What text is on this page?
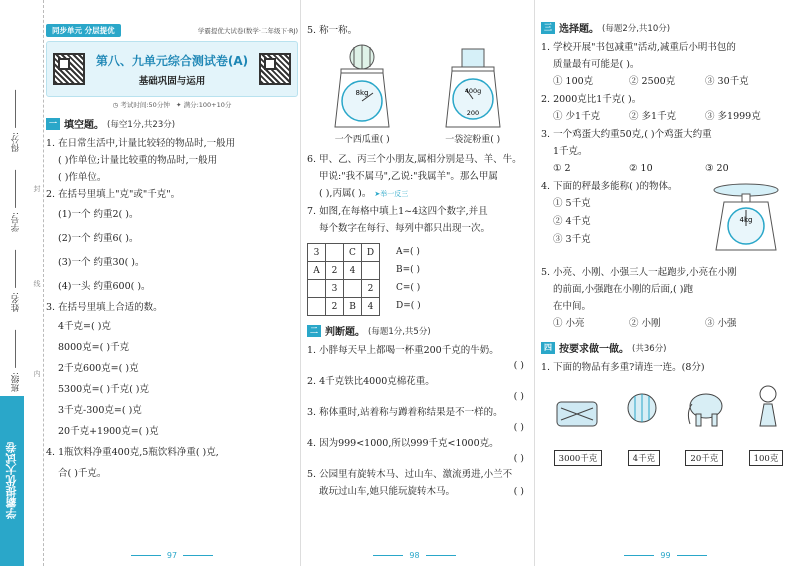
得分:
学号:
姓名:
班级:
封
线
内
学霸提优大试卷
同步单元 分层提优	学霸提优大试卷(数学·二年级下·RJ)
第八、九单元综合测试卷(A)
基础巩固与运用
◷ 考试时间:50分钟 ✦ 满分:100+10分
一 填空题。 (每空1分,共23分)
1. 在日常生活中,计量比较轻的物品时,一般用
( )作单位;计量比较重的物品时,一般用
( )作单位。
2. 在括号里填上"克"或"千克"。
(1)一个 约重2( )。
(2)一个 约重6( )。
(3)一个 约重30( )。
(4)一头 约重600( )。
3. 在括号里填上合适的数。
4千克=( )克
8000克=( )千克
2千克600克=( )克
5300克=( )千克( )克
3千克-300克=( )克
20千克+1900克=( )克
4. 1瓶饮料净重400克,5瓶饮料净重( )克,
合( )千克。
97
5. 称一称。
8kg
一个西瓜重( )
400g
200
一袋淀粉重( )
6. 甲、乙、丙三个小朋友,属相分别是马、羊、牛。
甲说:"我不属马",乙说:"我属羊"。那么甲属
( ),丙属( )。 ➤举一反三
7. 如图,在每格中填上1~4这四个数字,并且
每个数字在每行、每列中都只出现一次。
3		C	D
A	2	4	
	3		2
	2	B	4
A=( )
B=( )
C=( )
D=( )
二 判断题。 (每题1分,共5分)
1. 小胖每天早上都喝一杯重200千克的牛奶。
( )
2. 4千克铁比4000克棉花重。
( )
3. 称体重时,站着称与蹲着称结果是不一样的。
( )
4. 因为999<1000,所以999千克<1000克。
( )
5. 公园里有旋转木马、过山车、激流勇进,小兰不
敢玩过山车,她只能玩旋转木马。	( )
98
三 选择题。 (每题2分,共10分)
1. 学校开展"书包减重"活动,减重后小明书包的
质量最有可能是( )。
① 100克	② 2500克	③ 30千克
2. 2000克比1千克( )。
① 少1千克	② 多1千克	③ 多1999克
3. 一个鸡蛋大约重50克,( )个鸡蛋大约重
1千克。
① 2	② 10	③ 20
4. 下面的秤最多能称( )的物体。
① 5千克
② 4千克
③ 3千克
4kg
5. 小亮、小刚、小强三人一起跑步,小亮在小刚
的前面,小强跑在小刚的后面,( )跑
在中间。
① 小亮	② 小刚	③ 小强
四 按要求做一做。 (共36分)
1. 下面的物品有多重?请连一连。(8分)
3000千克	4千克	20千克	100克
99
